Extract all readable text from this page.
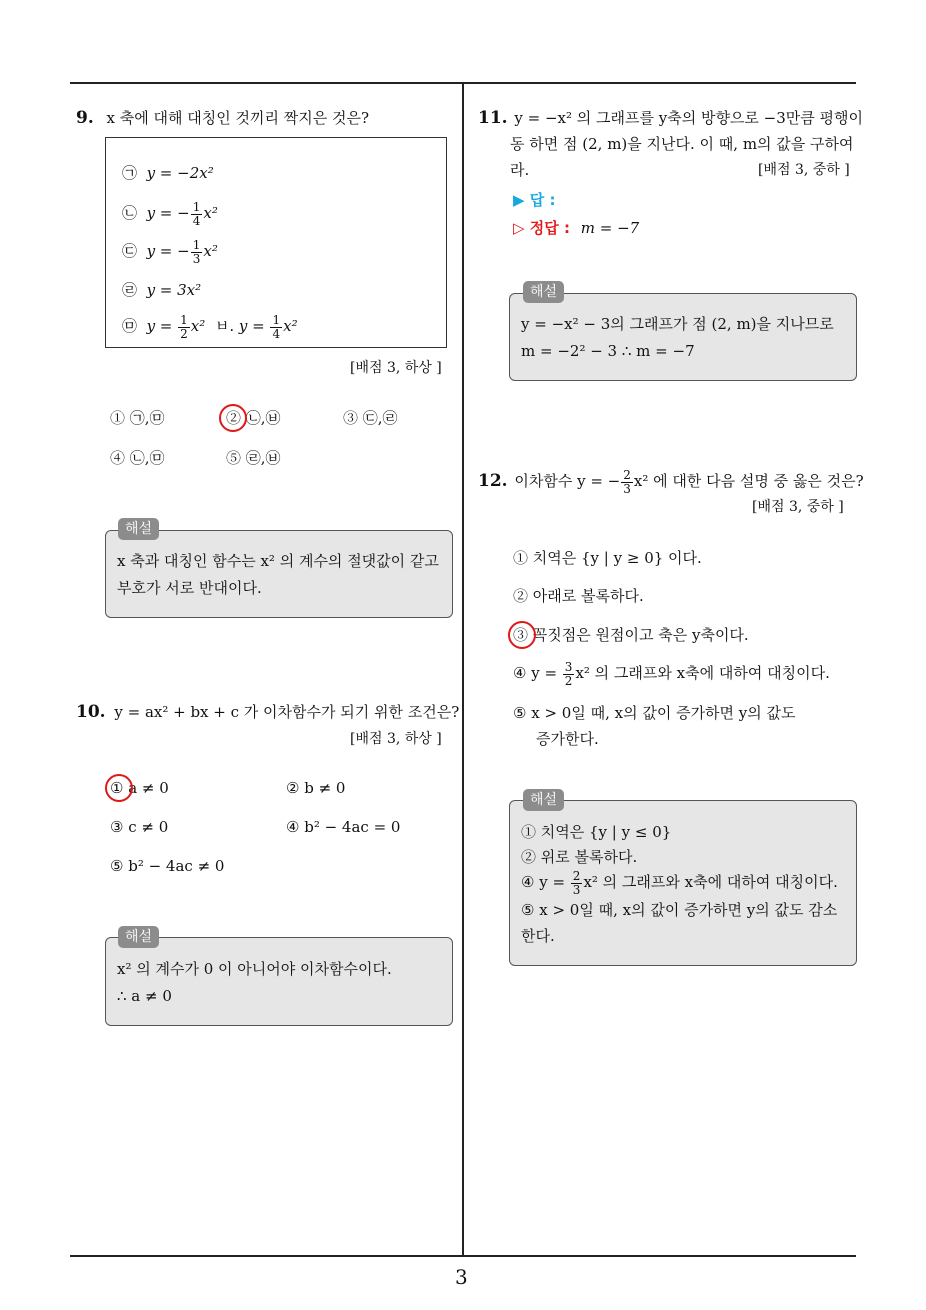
3
9. x 축에 대해 대칭인 것끼리 짝지은 것은?
㉠ y = −2x²
㉡ y = − $\frac{1}{4} x^2$
㉢ y = − $\frac{1}{3} x^2$
㉣ y = 3x²
㉤ $y = \frac{1}{2} x^2$ ㅂ. $y = \frac{1}{4} x^2$
[배점 3, 하상 ]
① ㉠,㉤	② ㉡,㉥	③ ㉢,㉣
④ ㉡,㉤	⑤ ㉣,㉥
해설
x 축과 대칭인 함수는 x² 의 계수의 절댓값이 같고
부호가 서로 반대이다.
10. y = ax² + bx + c 가 이차함수가 되기 위한 조건은?
[배점 3, 하상 ]
① a ≠ 0	② b ≠ 0
③ c ≠ 0	④ b² − 4ac = 0
⑤ b² − 4ac ≠ 0
해설
x² 의 계수가 0 이 아니어야 이차함수이다.
∴ a ≠ 0
11. y = −x² 의 그래프를 y축의 방향으로 −3만큼 평행이
동 하면 점 (2, m)을 지난다. 이 때, m의 값을 구하여
라.	[배점 3, 중하 ]
▶ 답 :
▷ 정답 : m = −7
해설
y = −x² − 3의 그래프가 점 (2, m)을 지나므로
m = −2² − 3 ∴ m = −7
12. 이차함수 y = − $\frac{2}{3} x^2$ 에 대한 다음 설명 중 옳은 것은?
[배점 3, 중하 ]
① 치역은 {y | y ≥ 0} 이다.
② 아래로 볼록하다.
③ 꼭짓점은 원점이고 축은 y축이다.
④ $y = \frac{3}{2} x^2$ 의 그래프와 x축에 대하여 대칭이다.
⑤ x > 0일 때, x의 값이 증가하면 y의 값도
증가한다.
해설
① 치역은 {y | y ≤ 0}
② 위로 볼록하다.
④ $y = \frac{2}{3} x^2$ 의 그래프와 x축에 대하여 대칭이다.
⑤ x > 0일 때, x의 값이 증가하면 y의 값도 감소
한다.
